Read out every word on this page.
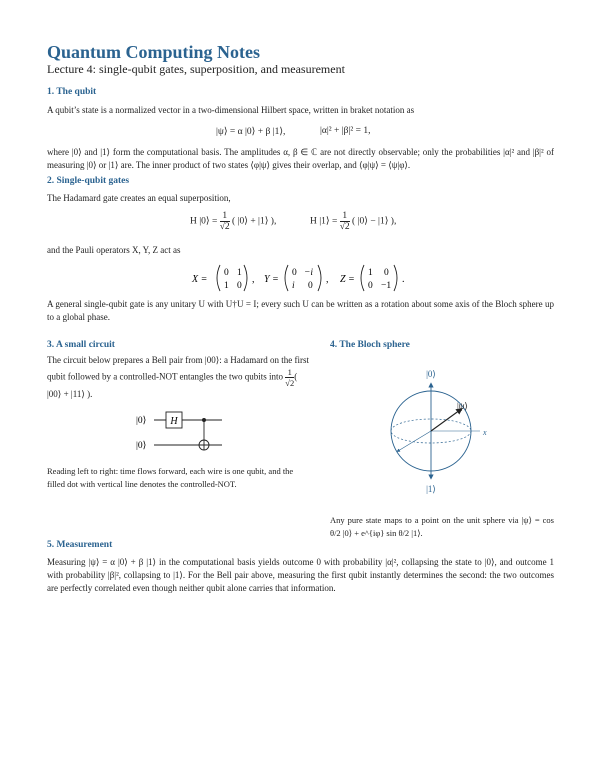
Quantum Computing Notes
Lecture 4: single-qubit gates, superposition, and measurement
1. The qubit

A qubit’s state is a normalized vector in a two-dimensional Hilbert space, written in braket notation as

|ψ⟩ = α |0⟩ + β |1⟩,	|α|² + |β|² = 1,

where |0⟩ and |1⟩ form the computational basis. The amplitudes α, β ∈ ℂ are not directly observable; only the probabilities |α|² and |β|² of measuring |0⟩ or |1⟩ are. The inner product of two states ⟨φ|ψ⟩ gives their overlap, and ⟨φ|ψ⟩ = ⟨ψ|φ⟩.

2. Single-qubit gates

The Hadamard gate creates an equal superposition,

H |0⟩ = $\frac{1}{√2}$ ( |0⟩ + |1⟩ ),	H |1⟩ = $\frac{1}{√2}$ ( |0⟩ − |1⟩ ),

and the Pauli operators X, Y, Z act as

X =
0 1
1 0
, Y =
0 −i
i 0
, Z =
1 0
0 −1
.

A general single-qubit gate is any unitary U with U†U = I; every such U can be written as a rotation about some axis of the Bloch sphere up to a global phase.

3. A small circuit

The circuit below prepares a Bell pair from |00⟩: a Hadamard on the first qubit followed by a controlled-NOT entangles the two qubits into $\frac{1}{√2}$ ( |00⟩ + |11⟩ ).

|0⟩
|0⟩
H

Reading left to right: time flows forward, each wire is one qubit, and the filled dot with vertical line denotes the controlled-NOT.

4. The Bloch sphere
|0⟩
x
|ψ⟩
|1⟩

Any pure state maps to a point on the unit sphere via |ψ⟩ = cos θ/2 |0⟩ + e^{iφ} sin θ/2 |1⟩.

5. Measurement

Measuring |ψ⟩ = α |0⟩ + β |1⟩ in the computational basis yields outcome 0 with probability |α|², collapsing the state to |0⟩, and outcome 1 with probability |β|², collapsing to |1⟩. For the Bell pair above, measuring the first qubit instantly determines the second: the two outcomes are perfectly correlated even though neither qubit alone carries that information.
